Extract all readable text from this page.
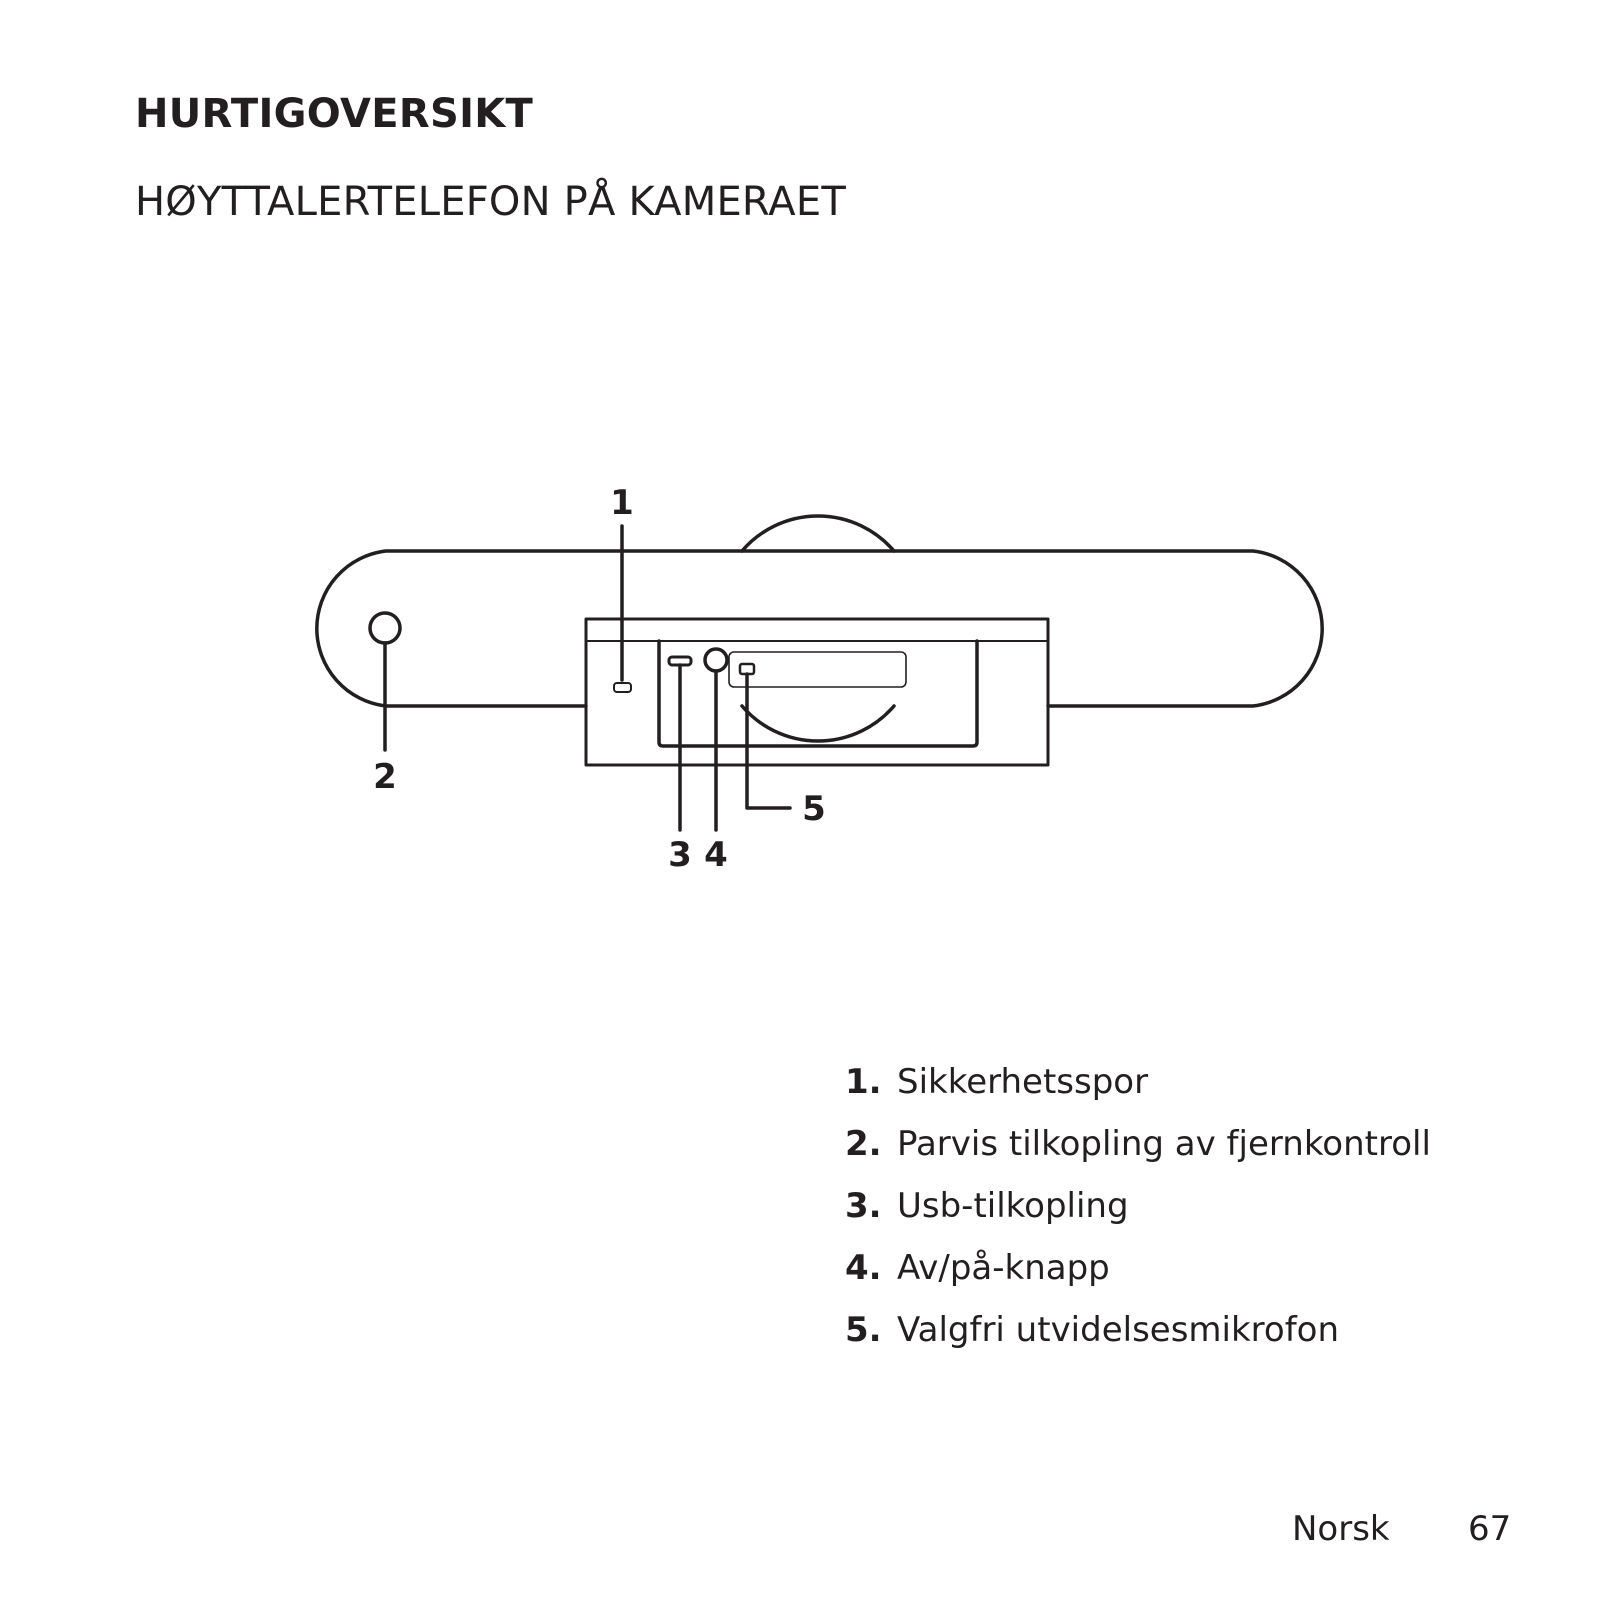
HURTIGOVERSIKT
HØYTTALERTELEFON PÅ KAMERAET
1
2
3 4
5
1. Sikkerhetsspor
2. Parvis tilkopling av fjernkontroll
3. Usb-tilkopling
4. Av/på-knapp
5. Valgfri utvidelsesmikrofon
Norsk 67
